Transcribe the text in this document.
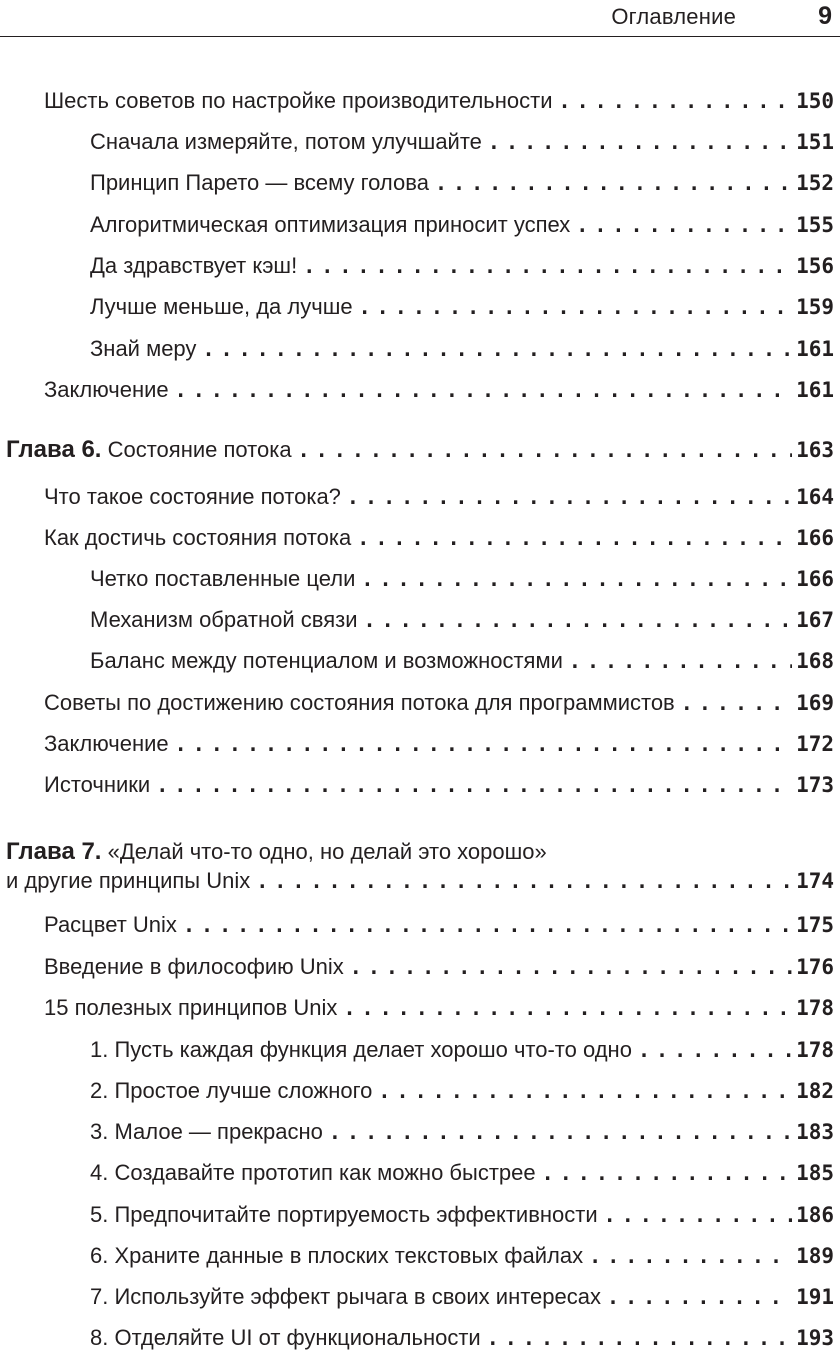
Оглавление	9
Шесть советов по настройке производительности . . .	150
Сначала измеряйте, потом улучшайте . . .	151
Принцип Парето — всему голова . . .	152
Алгоритмическая оптимизация приносит успех . . .	155
Да здравствует кэш! . . .	156
Лучше меньше, да лучше . . .	159
Знай меру . . .	161
Заключение . . .	161
Глава 6. Состояние потока . . .	163
Что такое состояние потока? . . .	164
Как достичь состояния потока . . .	166
Четко поставленные цели . . .	166
Механизм обратной связи . . .	167
Баланс между потенциалом и возможностями . . .	168
Советы по достижению состояния потока для программистов . . .	169
Заключение . . .	172
Источники . . .	173
Глава 7. «Делай что-то одно, но делай это хорошо»
и другие принципы Unix . . .	174
Расцвет Unix . . .	175
Введение в философию Unix . . .	176
15 полезных принципов Unix . . .	178
1. Пусть каждая функция делает хорошо что-то одно . . .	178
2. Простое лучше сложного . . .	182
3. Малое — прекрасно . . .	183
4. Создавайте прототип как можно быстрее . . .	185
5. Предпочитайте портируемость эффективности . . .	186
6. Храните данные в плоских текстовых файлах . . .	189
7. Используйте эффект рычага в своих интересах . . .	191
8. Отделяйте UI от функциональности . . .	193
